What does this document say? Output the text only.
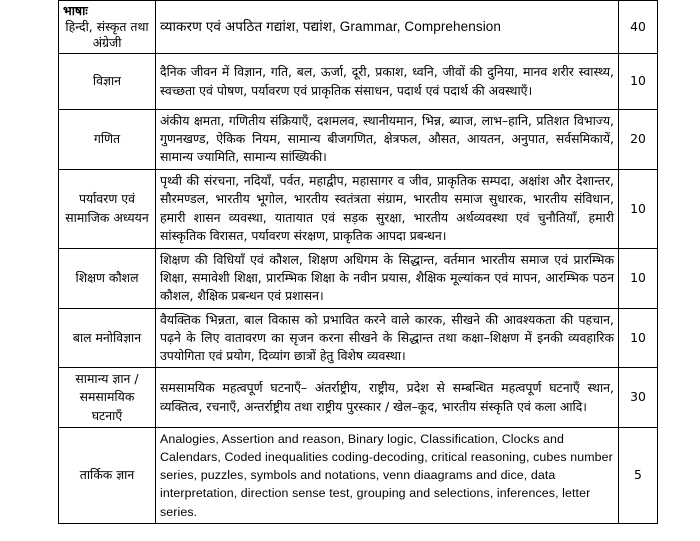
भाषाः
हिन्दी, संस्कृत तथा अंग्रेजी	व्याकरण एवं अपठित गद्यांश, पद्यांश, Grammar, Comprehension	40
विज्ञान	दैनिक जीवन में विज्ञान, गति, बल, ऊर्जा, दूरी, प्रकाश, ध्वनि, जीवों की दुनिया, मानव शरीर स्वास्थ्य, स्वच्छता एवं पोषण, पर्यावरण एवं प्राकृतिक संसाधन, पदार्थ एवं पदार्थ की अवस्थाएँ।	10
गणित	अंकीय क्षमता, गणितीय संक्रियाएँ, दशमलव, स्थानीयमान, भिन्न, ब्याज, लाभ–हानि, प्रतिशत विभाज्य, गुणनखण्ड, ऐकिक नियम, सामान्य बीजगणित, क्षेत्रफल, औसत, आयतन, अनुपात, सर्वसमिकायें, सामान्य ज्यामिति, सामान्य सांख्यिकी।	20
पर्यावरण एवं सामाजिक अध्ययन	पृथ्वी की संरचना, नदियाँ, पर्वत, महाद्वीप, महासागर व जीव, प्राकृतिक सम्पदा, अक्षांश और देशान्तर, सौरमण्डल, भारतीय भूगोल, भारतीय स्वतंत्रता संग्राम, भारतीय समाज सुधारक, भारतीय संविधान, हमारी शासन व्यवस्था, यातायात एवं सड़क सुरक्षा, भारतीय अर्थव्यवस्था एवं चुनौतियाँ, हमारी सांस्कृतिक विरासत, पर्यावरण संरक्षण, प्राकृतिक आपदा प्रबन्धन।	10
शिक्षण कौशल	शिक्षण की विधियाँ एवं कौशल, शिक्षण अधिगम के सिद्धान्त, वर्तमान भारतीय समाज एवं प्रारम्भिक शिक्षा, समावेशी शिक्षा, प्रारम्भिक शिक्षा के नवीन प्रयास, शैक्षिक मूल्यांकन एवं मापन, आरम्भिक पठन कौशल, शैक्षिक प्रबन्धन एवं प्रशासन।	10
बाल मनोविज्ञान	वैयक्तिक भिन्नता, बाल विकास को प्रभावित करने वाले कारक, सीखने की आवश्यकता की पहचान, पढ़ने के लिए वातावरण का सृजन करना सीखने के सिद्धान्त तथा कक्षा–शिक्षण में इनकी व्यवहारिक उपयोगिता एवं प्रयोग, दिव्यांग छात्रों हेतु विशेष व्यवस्था।	10
सामान्य ज्ञान / समसामयिक घटनाएँ	समसामयिक महत्वपूर्ण घटनाएँ– अंतर्राष्ट्रीय, राष्ट्रीय, प्रदेश से सम्बन्धित महत्वपूर्ण घटनाएँ स्थान, व्यक्तित्व, रचनाएँ, अन्तर्राष्ट्रीय तथा राष्ट्रीय पुरस्कार / खेल–कूद, भारतीय संस्कृति एवं कला आदि।	30
तार्किक ज्ञान	Analogies, Assertion and reason, Binary logic, Classification, Clocks and Calendars, Coded inequalities coding-decoding, critical reasoning, cubes number series, puzzles, symbols and notations, venn diaagrams and dice, data interpretation, direction sense test, grouping and selections, inferences, letter series.	5
